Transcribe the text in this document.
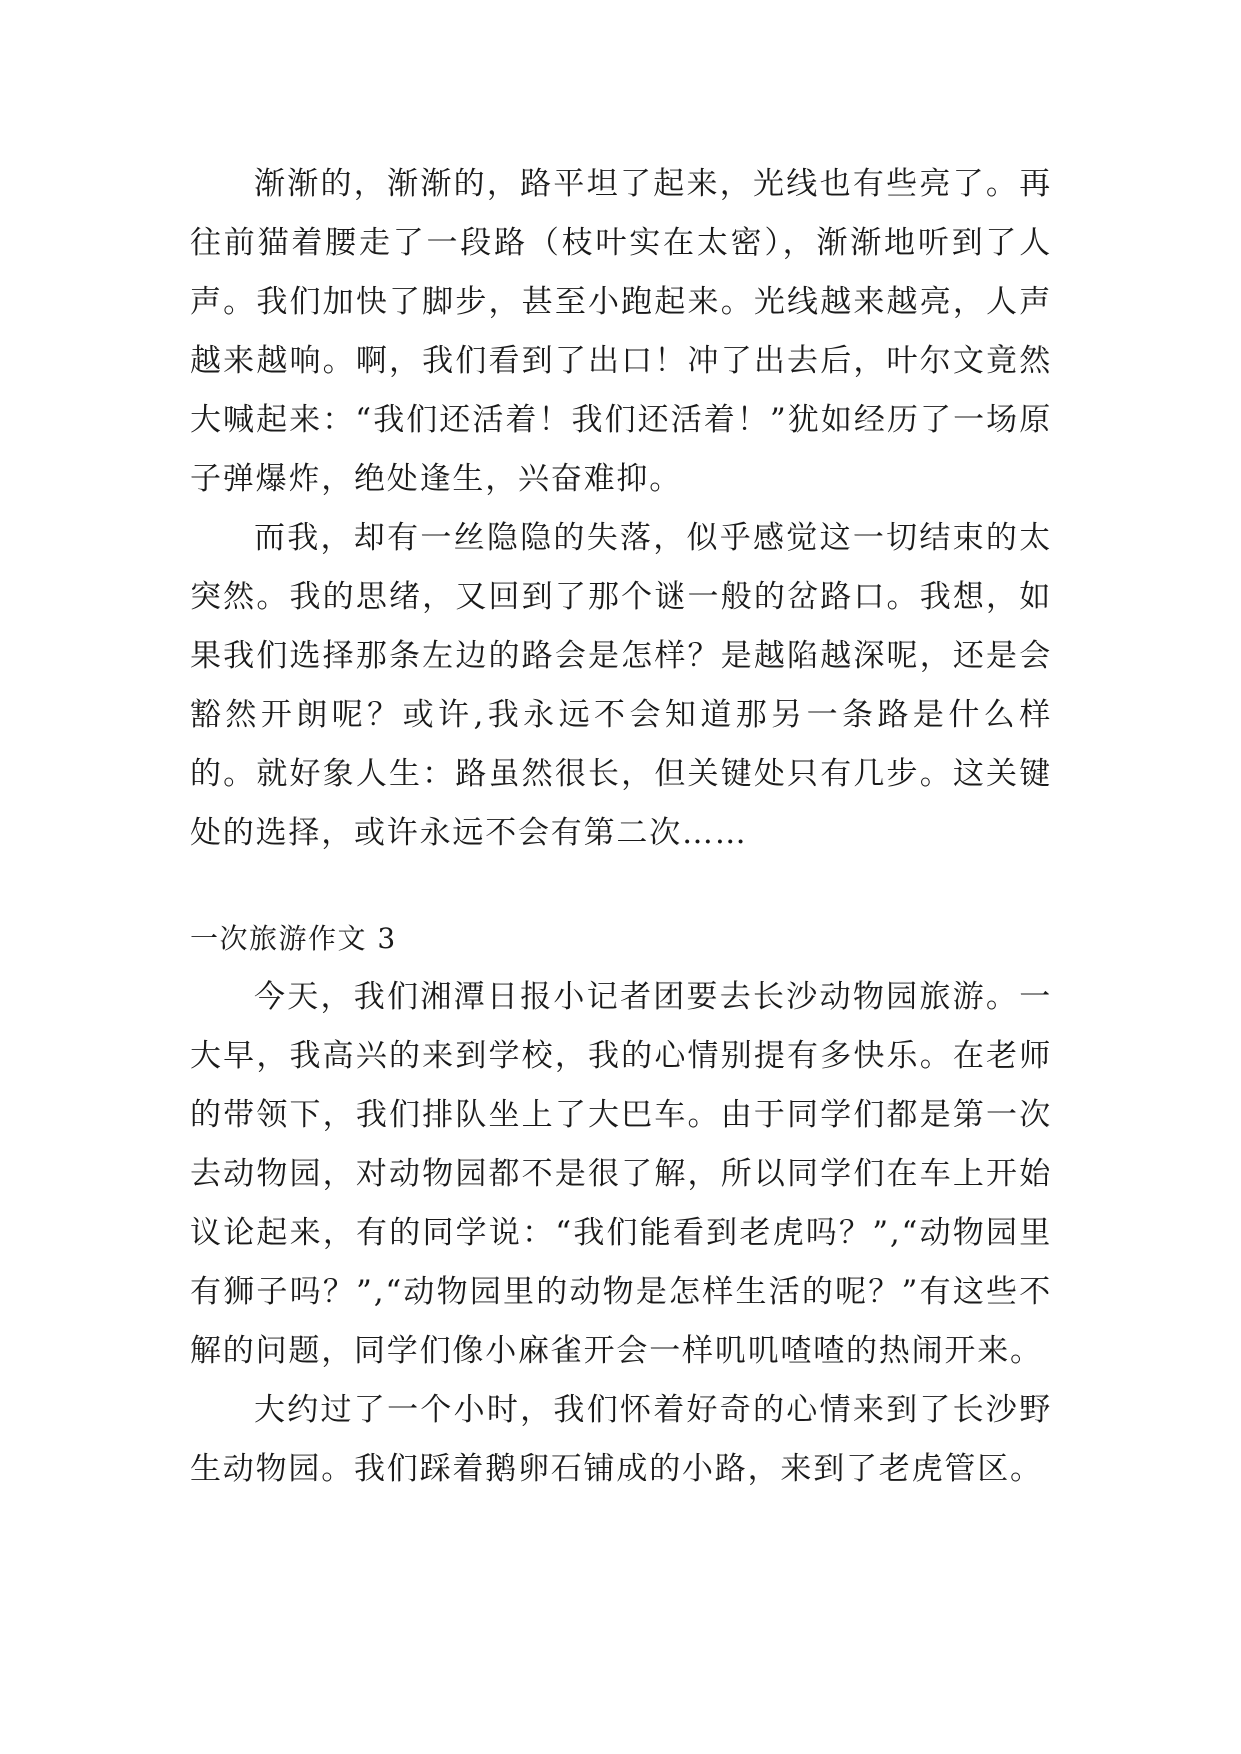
渐渐的，渐渐的，路平坦了起来，光线也有些亮了。再往前猫着腰走了一段路（枝叶实在太密），渐渐地听到了人声。我们加快了脚步，甚至小跑起来。光线越来越亮，人声越来越响。啊，我们看到了出口！冲了出去后，叶尔文竟然大喊起来：“我们还活着！我们还活着！”犹如经历了一场原子弹爆炸，绝处逢生，兴奋难抑。

而我，却有一丝隐隐的失落，似乎感觉这一切结束的太突然。我的思绪，又回到了那个谜一般的岔路口。我想，如果我们选择那条左边的路会是怎样？是越陷越深呢，还是会豁然开朗呢？或许,我永远不会知道那另一条路是什么样的。就好象人生：路虽然很长，但关键处只有几步。这关键处的选择，或许永远不会有第二次……

一次旅游作文 3

今天，我们湘潭日报小记者团要去长沙动物园旅游。一大早，我高兴的来到学校，我的心情别提有多快乐。在老师的带领下，我们排队坐上了大巴车。由于同学们都是第一次去动物园，对动物园都不是很了解，所以同学们在车上开始议论起来，有的同学说：“我们能看到老虎吗？”,“动物园里有狮子吗？”,“动物园里的动物是怎样生活的呢？”有这些不解的问题，同学们像小麻雀开会一样叽叽喳喳的热闹开来。

大约过了一个小时，我们怀着好奇的心情来到了长沙野生动物园。我们踩着鹅卵石铺成的小路，来到了老虎管区。
